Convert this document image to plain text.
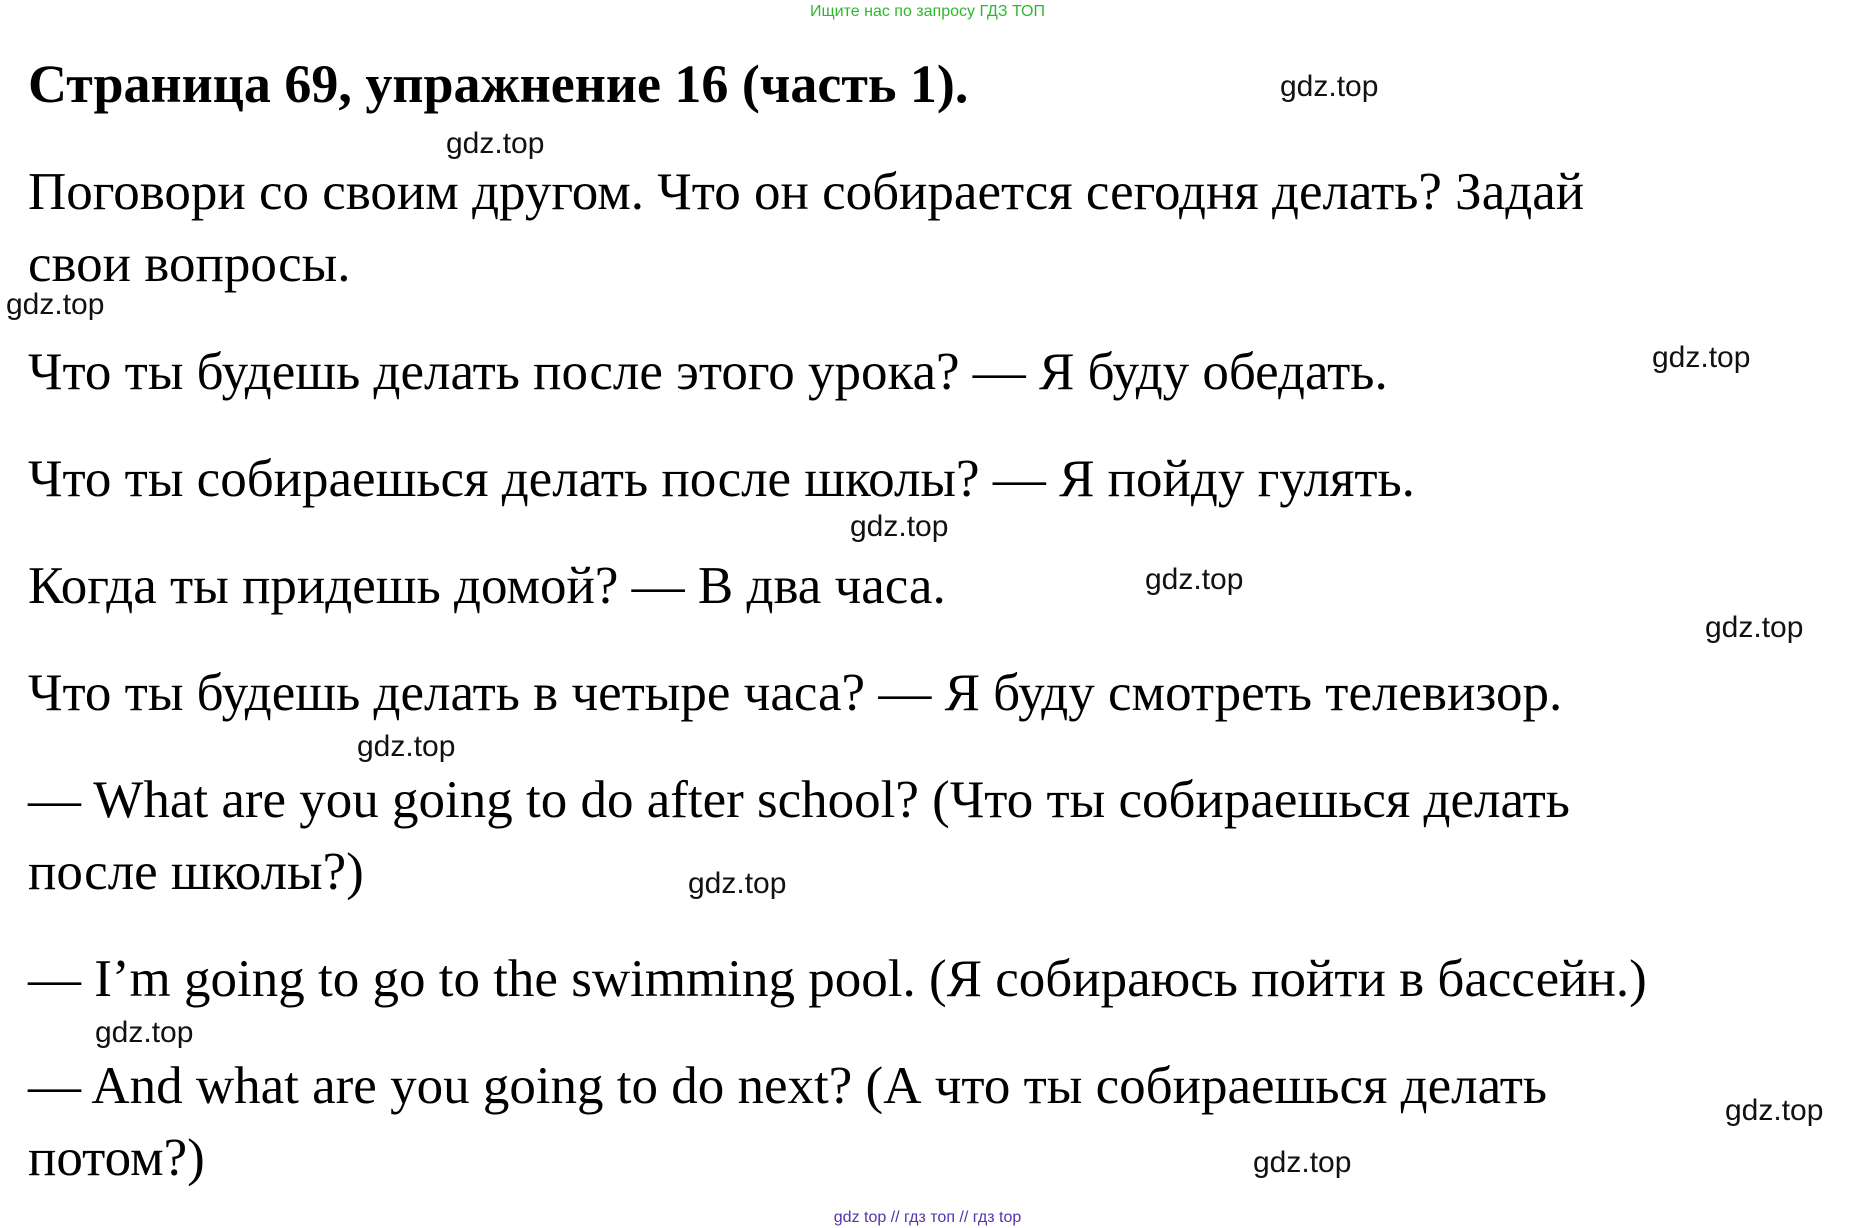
Ищите нас по запросу ГДЗ ТОП
Страница 69, упражнение 16 (часть 1).
Поговори со своим другом. Что он собирается сегодня делать? Задай
свои вопросы.
Что ты будешь делать после этого урока? — Я буду обедать.
Что ты собираешься делать после школы? — Я пойду гулять.
Когда ты придешь домой? — В два часа.
Что ты будешь делать в четыре часа? — Я буду смотреть телевизор.
— What are you going to do after school? (Что ты собираешься делать
после школы?)
— I’m going to go to the swimming pool. (Я собираюсь пойти в бассейн.)
— And what are you going to do next? (А что ты собираешься делать
потом?)
gdz.top
gdz.top
gdz.top
gdz.top
gdz.top
gdz.top
gdz.top
gdz.top
gdz.top
gdz.top
gdz.top
gdz.top
gdz top // гдз топ // гдз top
